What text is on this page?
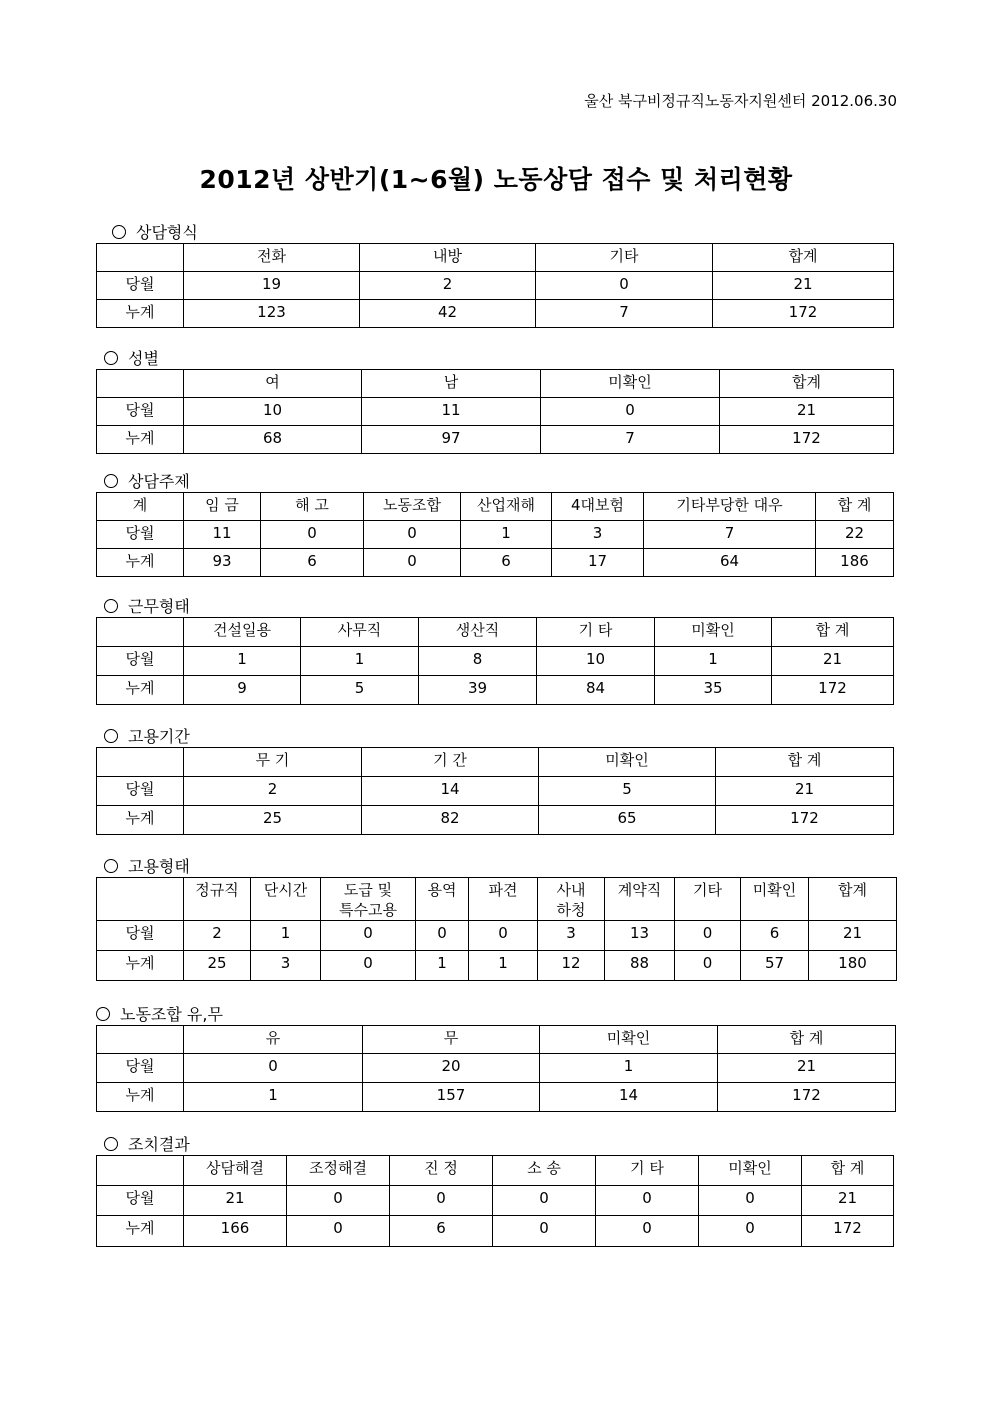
울산 북구비정규직노동자지원센터 2012.06.30
2012년 상반기(1~6월) 노동상담 접수 및 처리현황
상담형식
	전화	내방	기타	합계
당월	19	2	0	21
누계	123	42	7	172
성별
	여	남	미확인	합계
당월	10	11	0	21
누계	68	97	7	172
상담주제
계	임 금	해 고	노동조합	산업재해	4대보험	기타부당한 대우	합 계
당월	11	0	0	1	3	7	22
누계	93	6	0	6	17	64	186
근무형태
	건설일용	사무직	생산직	기 타	미확인	합 계
당월	1	1	8	10	1	21
누계	9	5	39	84	35	172
고용기간
	무 기	기 간	미확인	합 계
당월	2	14	5	21
누계	25	82	65	172
고용형태
	정규직	단시간	도급 및 특수고용	용역	파견	사내 하청	계약직	기타	미확인	합계
당월	2	1	0	0	0	3	13	0	6	21
누계	25	3	0	1	1	12	88	0	57	180
노동조합 유,무
	유	무	미확인	합 계
당월	0	20	1	21
누계	1	157	14	172
조치결과
	상담해결	조정해결	진 정	소 송	기 타	미확인	합 계
당월	21	0	0	0	0	0	21
누계	166	0	6	0	0	0	172
